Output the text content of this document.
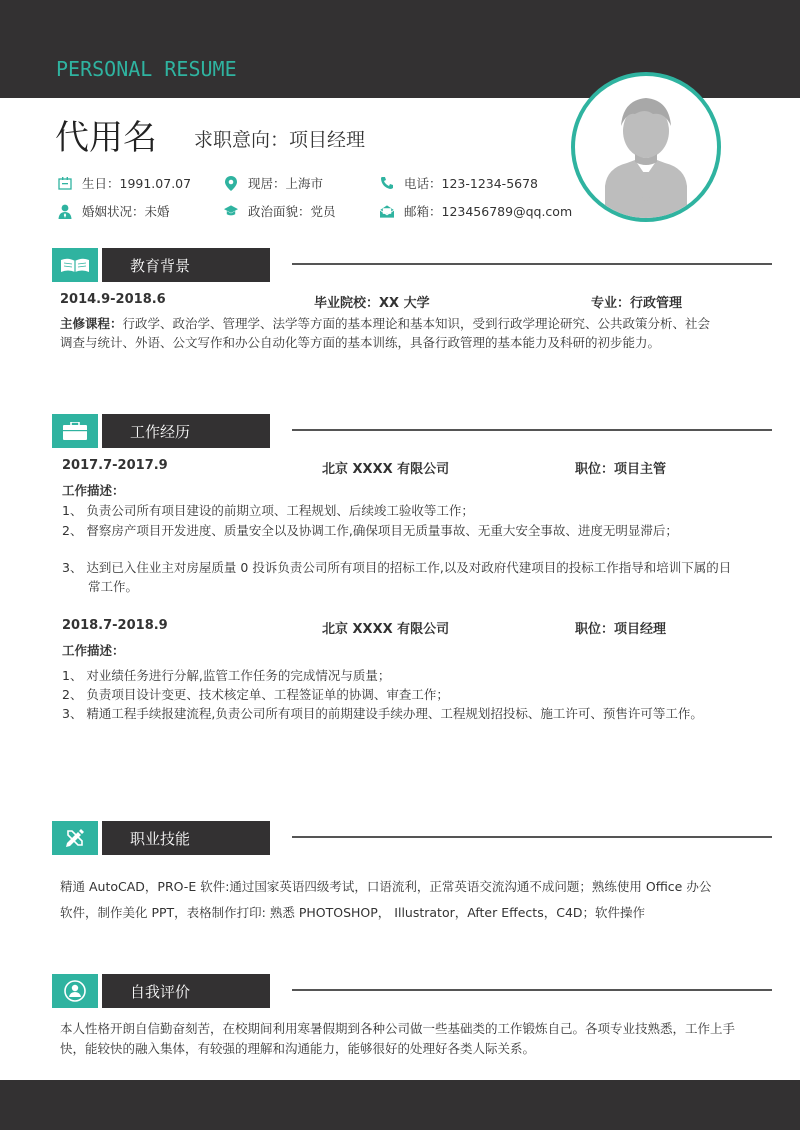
PERSONAL RESUME
代用名 求职意向：项目经理
生日：1991.07.07	现居：上海市	电话：123-1234-5678
婚姻状况：未婚	政治面貌：党员	邮箱：123456789@qq.com
教育背景
2014.9-2018.6	毕业院校：XX 大学	专业：行政管理
主修课程：行政学、政治学、管理学、法学等方面的基本理论和基本知识，受到行政学理论研究、公共政策分析、社会调查与统计、外语、公文写作和办公自动化等方面的基本训练，具备行政管理的基本能力及科研的初步能力。
工作经历
2017.7-2017.9	北京 XXXX 有限公司	职位：项目主管
工作描述：
1、 负责公司所有项目建设的前期立项、工程规划、后续竣工验收等工作；
2、 督察房产项目开发进度、质量安全以及协调工作,确保项目无质量事故、无重大安全事故、进度无明显滞后；
3、 达到已入住业主对房屋质量 0 投诉负责公司所有项目的招标工作,以及对政府代建项目的投标工作指导和培训下属的日常工作。
2018.7-2018.9	北京 XXXX 有限公司	职位：项目经理
工作描述：
1、 对业绩任务进行分解,监管工作任务的完成情况与质量；
2、 负责项目设计变更、技术核定单、工程签证单的协调、审查工作；
3、 精通工程手续报建流程,负责公司所有项目的前期建设手续办理、工程规划招投标、施工许可、预售许可等工作。
职业技能
精通 AutoCAD，PRO-E 软件:通过国家英语四级考试，口语流利，正常英语交流沟通不成问题；熟练使用 Office 办公软件，制作美化 PPT，表格制作打印: 熟悉 PHOTOSHOP， Illustrator，After Effects，C4D；软件操作
自我评价
本人性格开朗自信勤奋刻苦，在校期间利用寒暑假期到各种公司做一些基础类的工作锻炼自己。各项专业技熟悉，工作上手快，能较快的融入集体，有较强的理解和沟通能力，能够很好的处理好各类人际关系。
